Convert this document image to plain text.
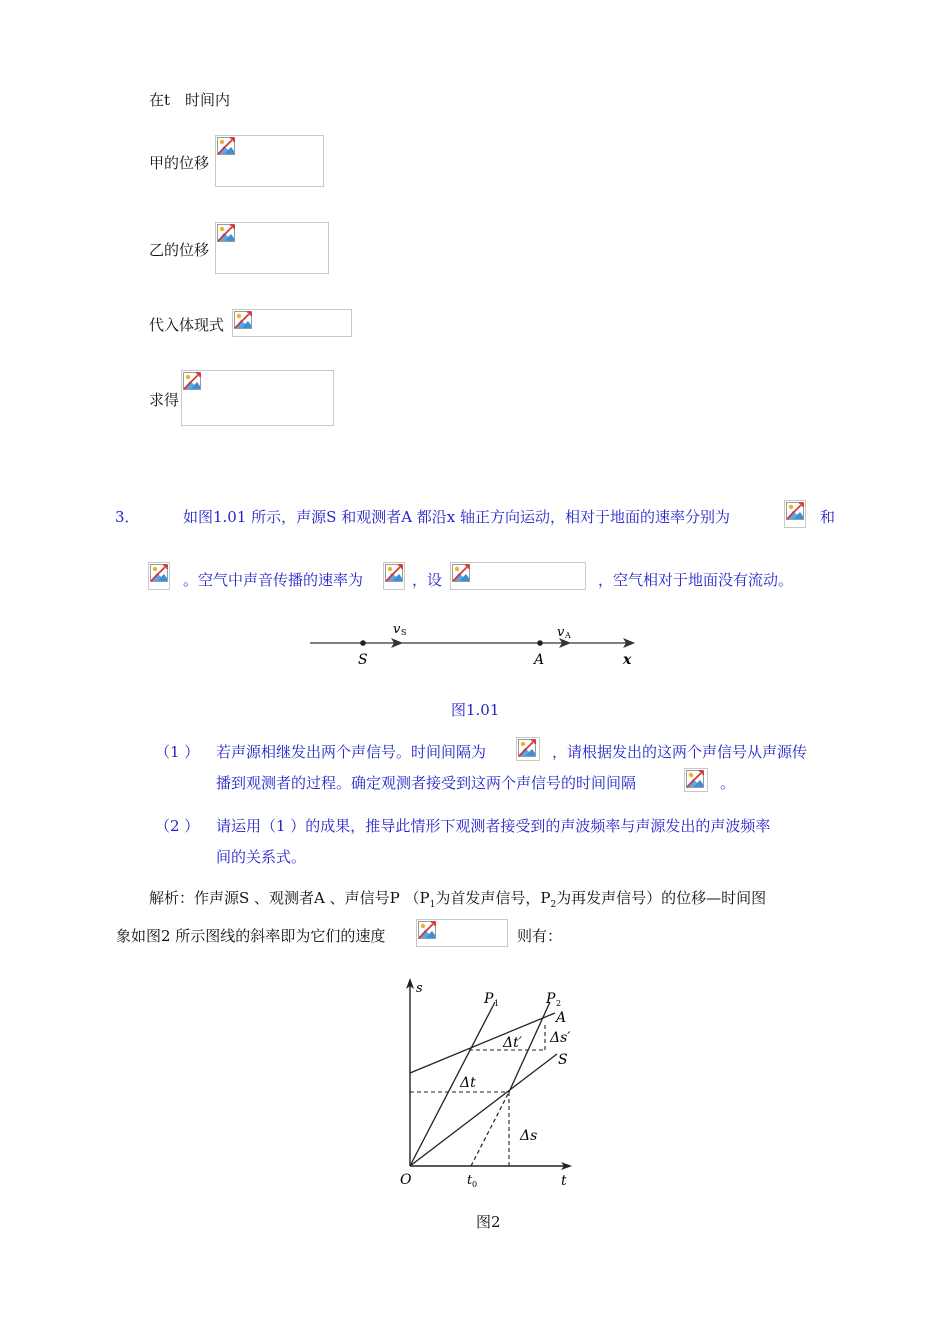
在t　时间内
甲的位移
乙的位移
代入体现式
求得
3．	如图1.01 所示，声源S 和观测者A 都沿x 轴正方向运动，相对于地面的速率分别为	和
。空气中声音传播的速率为	，设	，空气相对于地面没有流动。
S	A	x
v S	v A
图1.01
（1 ） 若声源相继发出两个声信号。时间间隔为	，请根据发出的这两个声信号从声源传
播到观测者的过程。确定观测者接受到这两个声信号的时间间隔	。
（2 ） 请运用（1 ）的成果，推导此情形下观测者接受到的声波频率与声源发出的声波频率
间的关系式。
解析：作声源S 、观测者A 、声信号P （$P_1$为首发声信号，$P_2$为再发声信号）的位移—时间图
象如图2 所示图线的斜率即为它们的速度	则有：
s
t
O	t 0
P 1	P 2
A
S
Δt
Δt′
Δs
Δs′
图2
